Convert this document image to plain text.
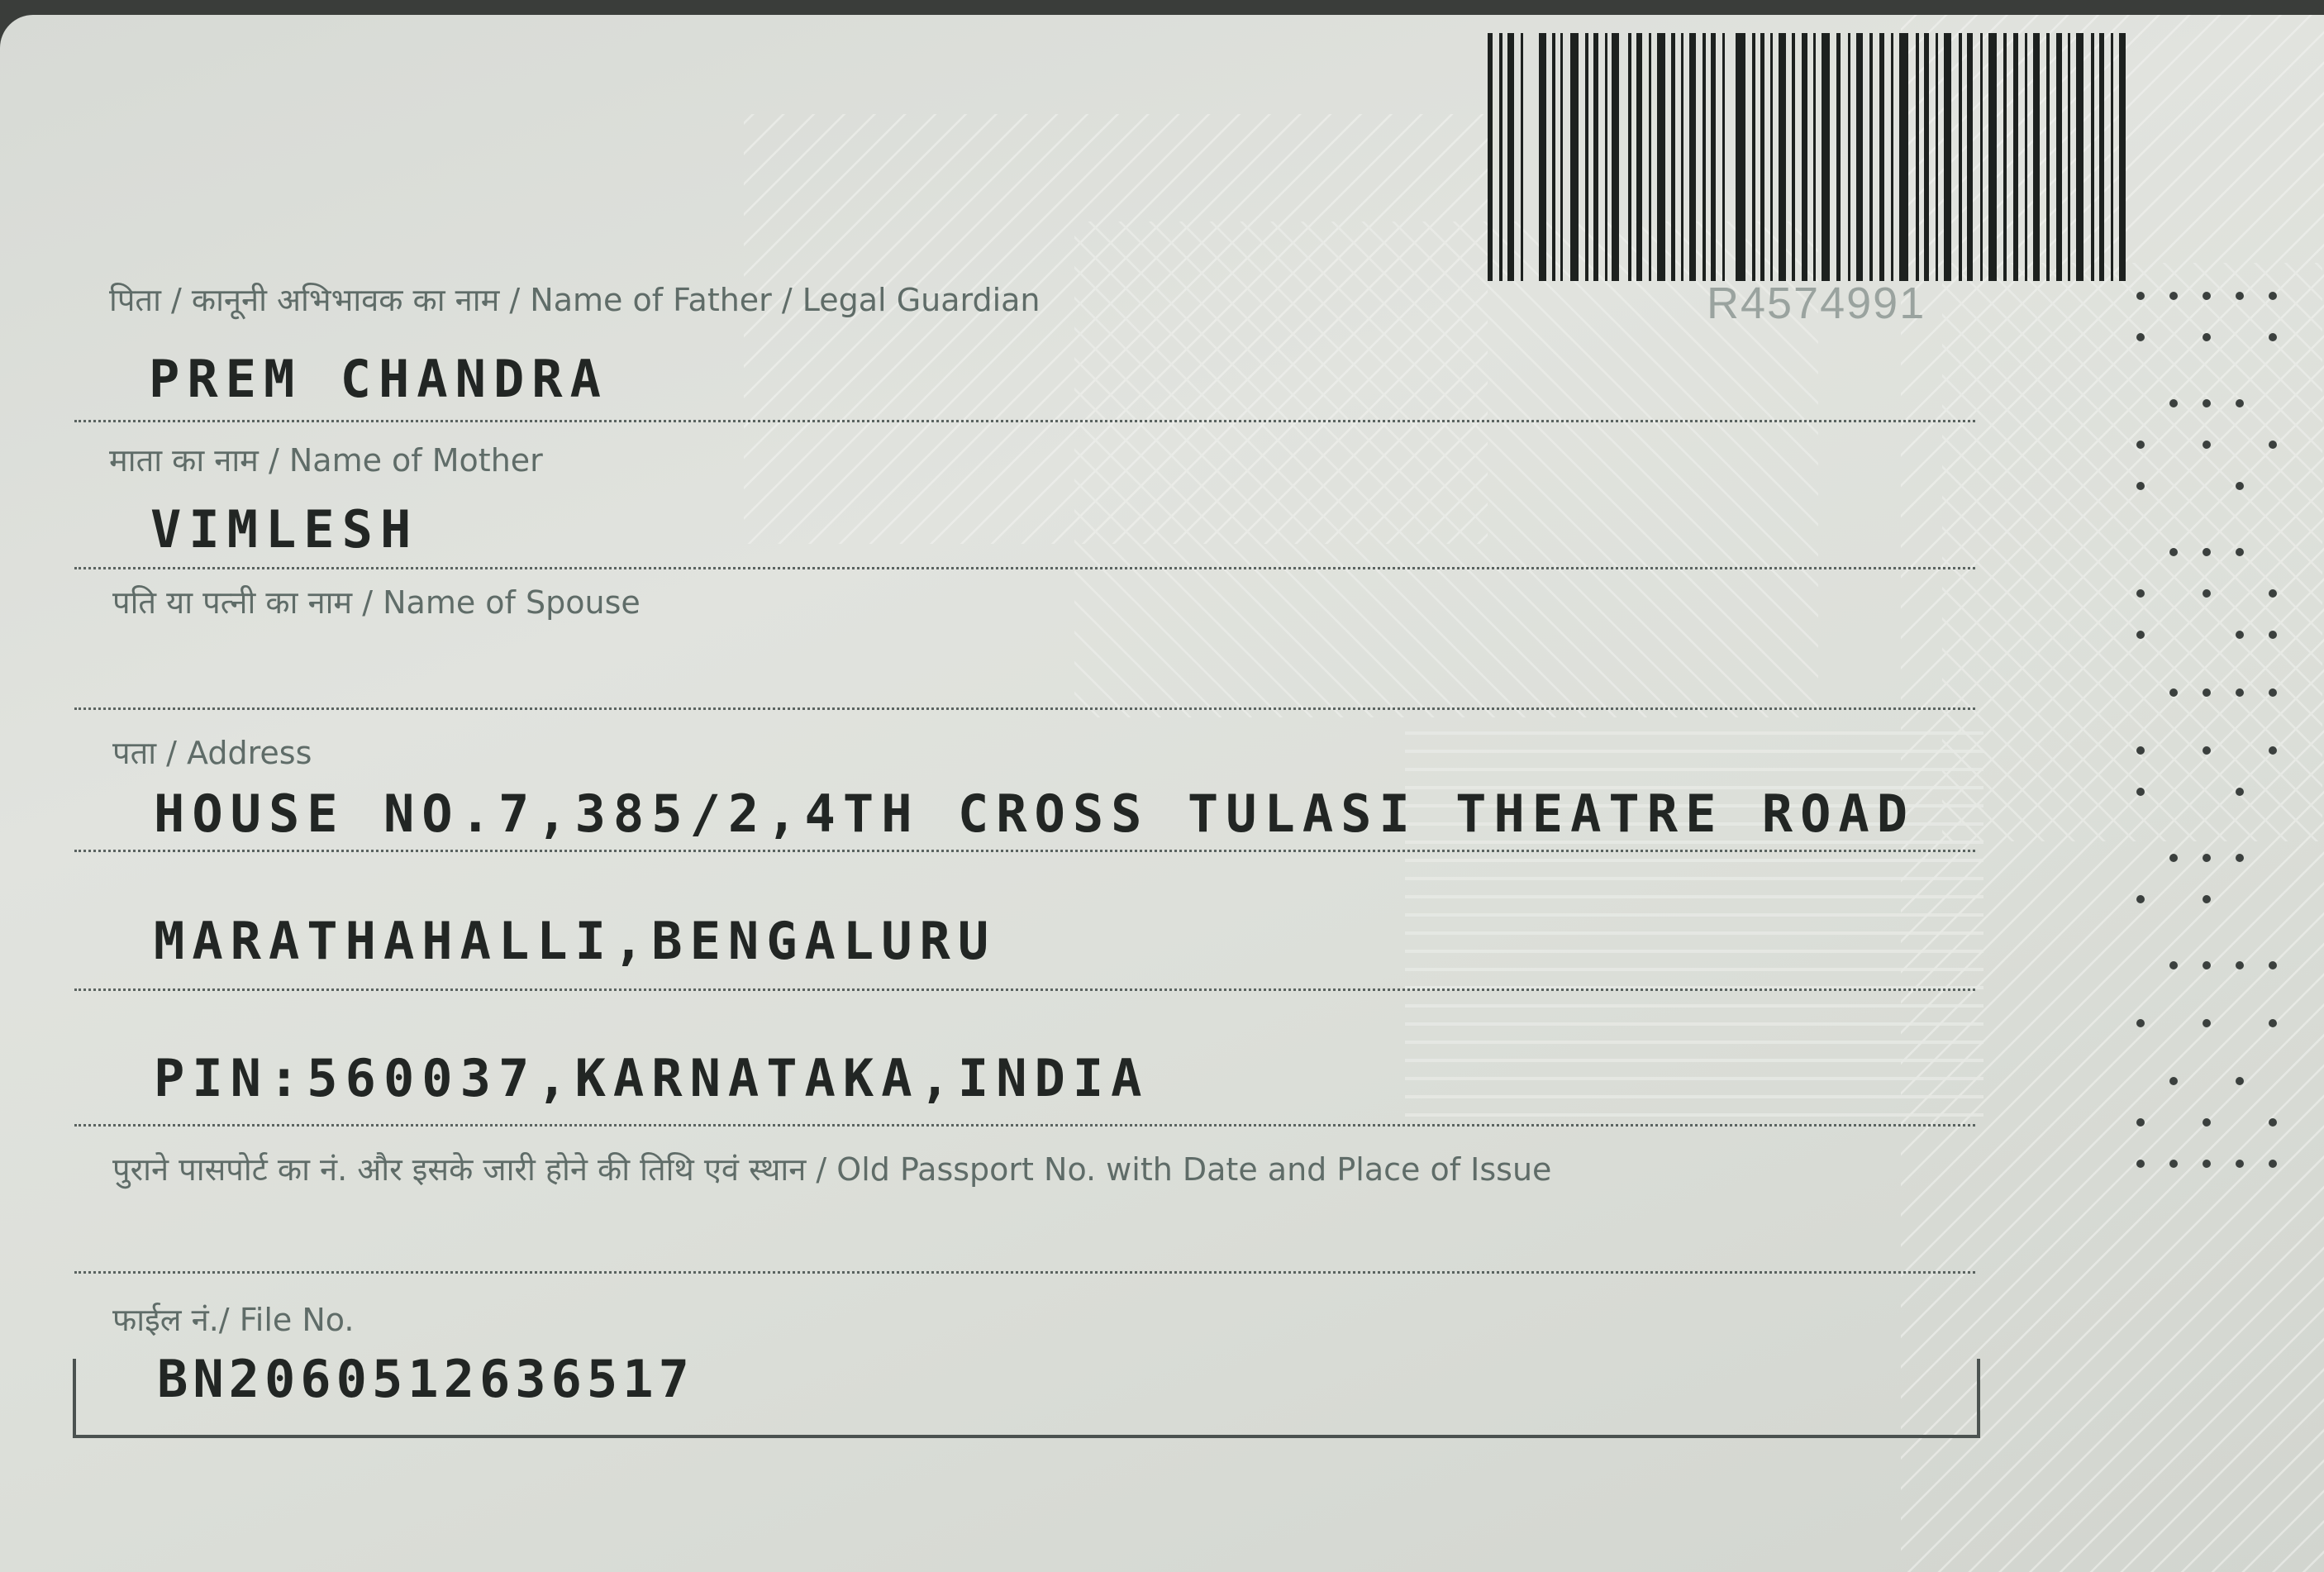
R4574991
पिता / कानूनी अभिभावक का नाम / Name of Father / Legal Guardian
PREM CHANDRA
माता का नाम / Name of Mother
VIMLESH
पति या पत्नी का नाम / Name of Spouse
पता / Address
HOUSE NO.7,385/2,4TH CROSS TULASI THEATRE ROAD
MARATHAHALLI,BENGALURU
PIN:560037,KARNATAKA,INDIA
पुराने पासपोर्ट का नं. और इसके जारी होने की तिथि एवं स्थान / Old Passport No. with Date and Place of Issue
फाईल नं./ File No.
BN2060512636517
